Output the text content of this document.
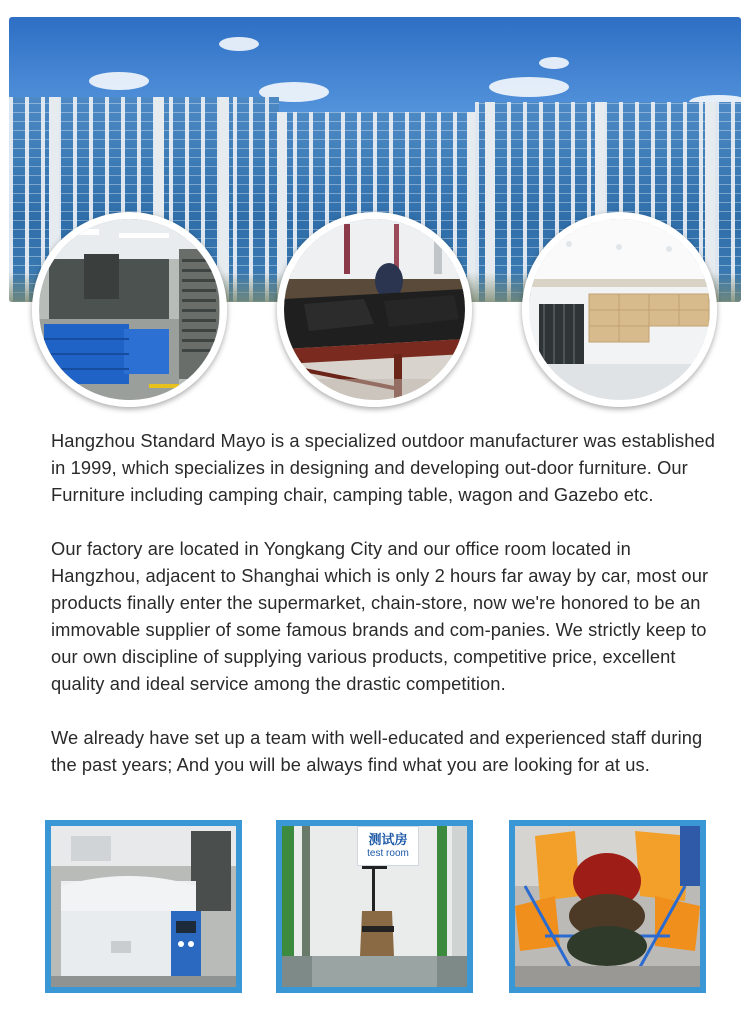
Hangzhou Standard Mayo is a specialized outdoor manufacturer was established in 1999, which specializes in designing and developing out-door furniture. Our Furniture including camping chair, camping table, wagon and Gazebo etc.

Our factory are located in Yongkang City and our office room located in Hangzhou, adjacent to Shanghai which is only 2 hours far away by car, most our products finally enter the supermarket, chain-store, now we're honored to be an immovable supplier of some famous brands and com-panies. We strictly keep to our own discipline of supplying various products, competitive price, excellent quality and ideal service among the drastic competition.

We already have set up a team with well-educated and experienced staff during the past years; And you will be always find what you are looking for at us.

测试房
test room
